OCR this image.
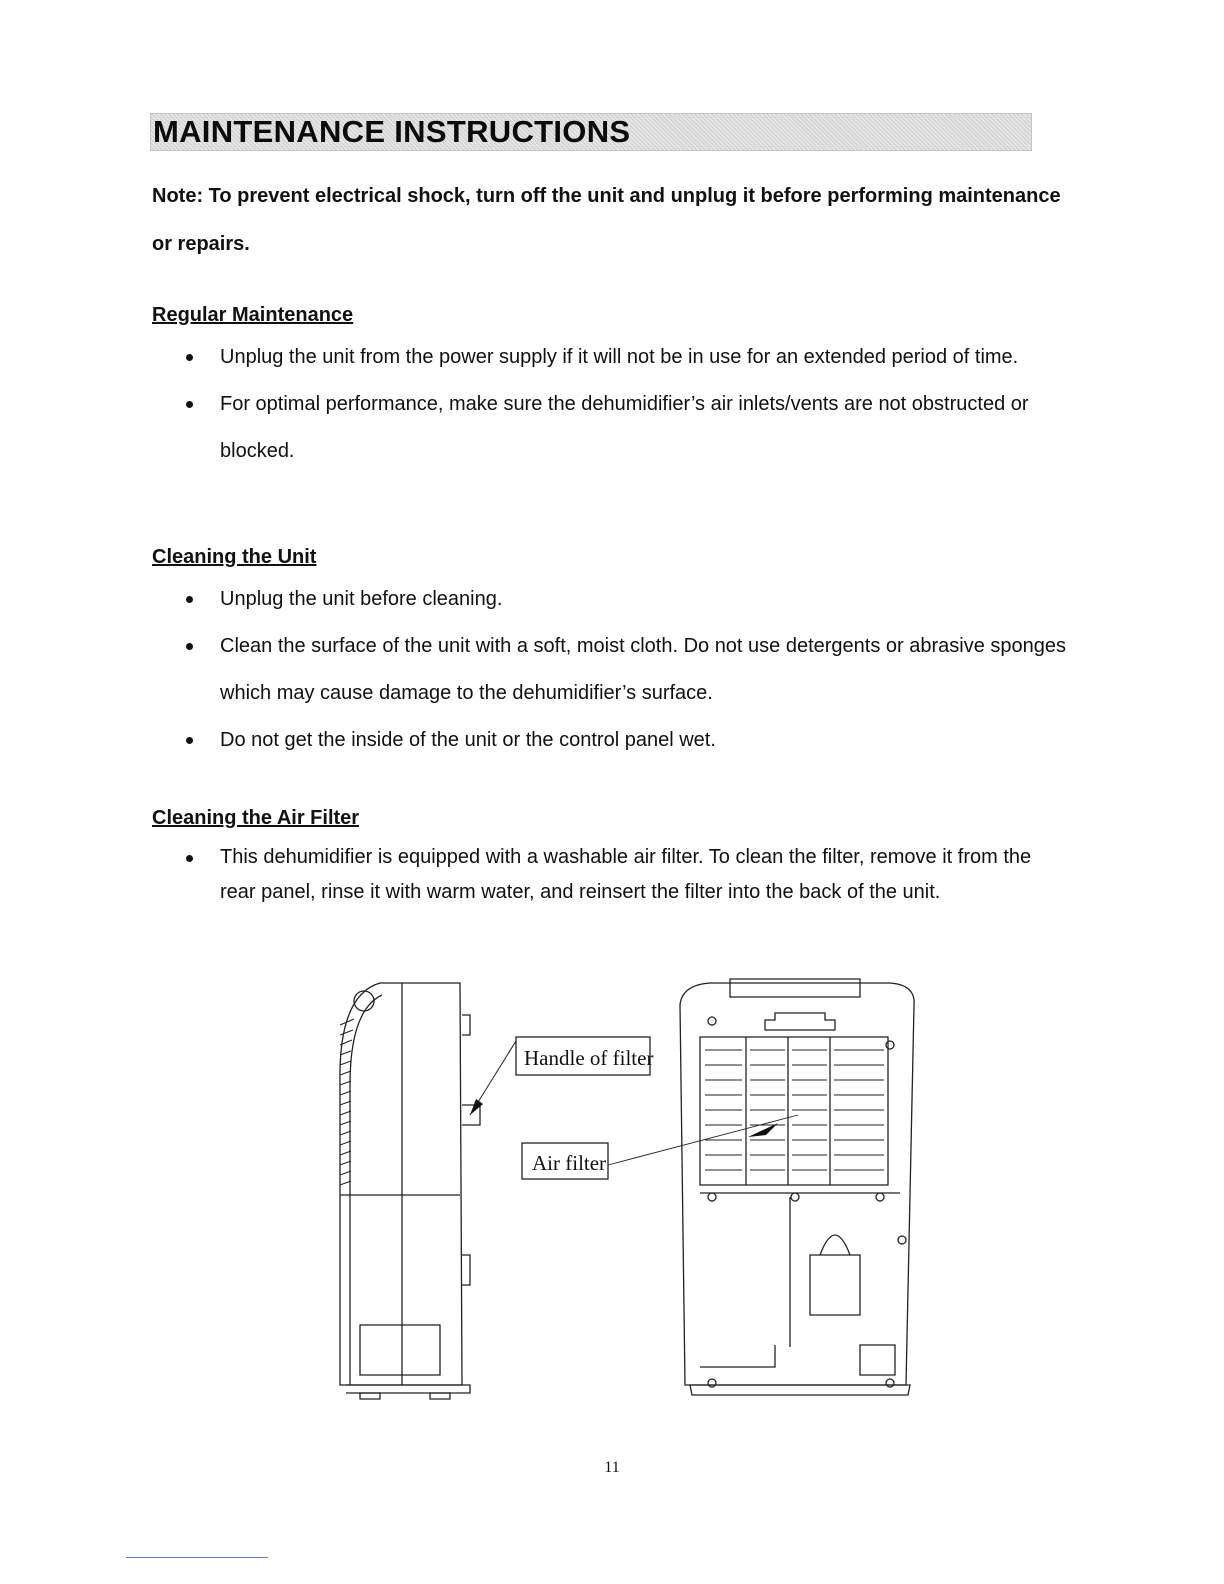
MAINTENANCE INSTRUCTIONS

Note: To prevent electrical shock, turn off the unit and unplug it before performing maintenance or repairs.

Regular Maintenance
Unplug the unit from the power supply if it will not be in use for an extended period of time.
For optimal performance, make sure the dehumidifier’s air inlets/vents are not obstructed or blocked.
Cleaning the Unit
Unplug the unit before cleaning.
Clean the surface of the unit with a soft, moist cloth. Do not use detergents or abrasive sponges which may cause damage to the dehumidifier’s surface.
Do not get the inside of the unit or the control panel wet.
Cleaning the Air Filter
This dehumidifier is equipped with a washable air filter. To clean the filter, remove it from the rear panel, rinse it with warm water, and reinsert the filter into the back of the unit.
Handle of filter
Air filter
11
